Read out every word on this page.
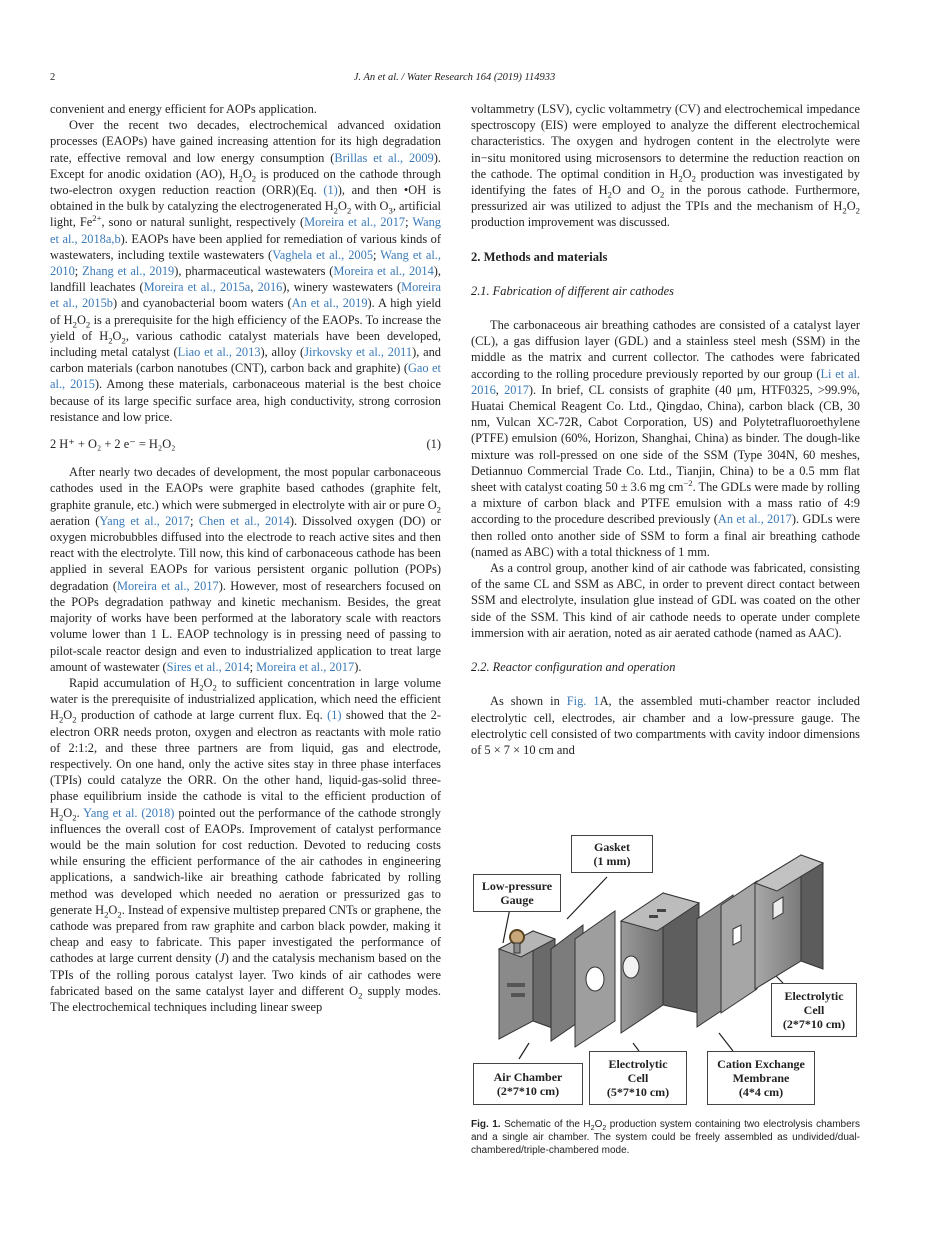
2	J. An et al. / Water Research 164 (2019) 114933

convenient and energy efficient for AOPs application.

Over the recent two decades, electrochemical advanced oxidation processes (EAOPs) have gained increasing attention for its high degradation rate, effective removal and low energy consumption (Brillas et al., 2009). Except for anodic oxidation (AO), $H_2O_2$ is produced on the cathode through two-electron oxygen reduction reaction (ORR)(Eq. (1)), and then •OH is obtained in the bulk by catalyzing the electrogenerated $H_2O_2$ with $O_3$, artificial light, $Fe^{2+}$, sono or natural sunlight, respectively (Moreira et al., 2017; Wang et al., 2018a,b). EAOPs have been applied for remediation of various kinds of wastewaters, including textile wastewaters (Vaghela et al., 2005; Wang et al., 2010; Zhang et al., 2019), pharmaceutical wastewaters (Moreira et al., 2014), landfill leachates (Moreira et al., 2015a, 2016), winery wastewaters (Moreira et al., 2015b) and cyanobacterial boom waters (An et al., 2019). A high yield of $H_2O_2$ is a prerequisite for the high efficiency of the EAOPs. To increase the yield of $H_2O_2$, various cathodic catalyst materials have been developed, including metal catalyst (Liao et al., 2013), alloy (Jirkovsky et al., 2011), and carbon materials (carbon nanotubes (CNT), carbon back and graphite) (Gao et al., 2015). Among these materials, carbonaceous material is the best choice because of its large specific surface area, high conductivity, strong corrosion resistance and low price.

2 H⁺ + O₂ + 2 e⁻ = H₂O₂	(1)

After nearly two decades of development, the most popular carbonaceous cathodes used in the EAOPs were graphite based cathodes (graphite felt, graphite granule, etc.) which were submerged in electrolyte with air or pure $O_2$ aeration (Yang et al., 2017; Chen et al., 2014). Dissolved oxygen (DO) or oxygen microbubbles diffused into the electrode to reach active sites and then react with the electrolyte. Till now, this kind of carbonaceous cathode has been applied in several EAOPs for various persistent organic pollution (POPs) degradation (Moreira et al., 2017). However, most of researchers focused on the POPs degradation pathway and kinetic mechanism. Besides, the great majority of works have been performed at the laboratory scale with reactors volume lower than 1 L. EAOP technology is in pressing need of passing to pilot-scale reactor design and even to industrialized application to treat large amount of wastewater (Sires et al., 2014; Moreira et al., 2017).

Rapid accumulation of $H_2O_2$ to sufficient concentration in large volume water is the prerequisite of industrialized application, which need the efficient $H_2O_2$ production of cathode at large current flux. Eq. (1) showed that the 2-electron ORR needs proton, oxygen and electron as reactants with mole ratio of 2:1:2, and these three partners are from liquid, gas and electrode, respectively. On one hand, only the active sites stay in three phase interfaces (TPIs) could catalyze the ORR. On the other hand, liquid-gas-solid three-phase equilibrium inside the cathode is vital to the efficient production of $H_2O_2$. Yang et al. (2018) pointed out the performance of the cathode strongly influences the overall cost of EAOPs. Improvement of catalyst performance would be the main solution for cost reduction. Devoted to reducing costs while ensuring the efficient performance of the air cathodes in engineering applications, a sandwich-like air breathing cathode fabricated by rolling method was developed which needed no aeration or pressurized gas to generate $H_2O_2$. Instead of expensive multistep prepared CNTs or graphene, the cathode was prepared from raw graphite and carbon black powder, making it cheap and easy to fabricate. This paper investigated the performance of cathodes at large current density (J) and the catalysis mechanism based on the TPIs of the rolling porous catalyst layer. Two kinds of air cathodes were fabricated based on the same catalyst layer and different $O_2$ supply modes. The electrochemical techniques including linear sweep

voltammetry (LSV), cyclic voltammetry (CV) and electrochemical impedance spectroscopy (EIS) were employed to analyze the different electrochemical characteristics. The oxygen and hydrogen content in the electrolyte were in−situ monitored using microsensors to determine the reduction reaction on the cathode. The optimal condition in $H_2O_2$ production was investigated by identifying the fates of $H_2O$ and $O_2$ in the porous cathode. Furthermore, pressurized air was utilized to adjust the TPIs and the mechanism of $H_2O_2$ production improvement was discussed.

2. Methods and materials
2.1. Fabrication of different air cathodes

The carbonaceous air breathing cathodes are consisted of a catalyst layer (CL), a gas diffusion layer (GDL) and a stainless steel mesh (SSM) in the middle as the matrix and current collector. The cathodes were fabricated according to the rolling procedure previously reported by our group (Li et al. 2016, 2017). In brief, CL consists of graphite (40 μm, HTF0325, >99.9%, Huatai Chemical Reagent Co. Ltd., Qingdao, China), carbon black (CB, 30 nm, Vulcan XC-72R, Cabot Corporation, US) and Polytetrafluoroethylene (PTFE) emulsion (60%, Horizon, Shanghai, China) as binder. The dough-like mixture was roll-pressed on one side of the SSM (Type 304N, 60 meshes, Detiannuo Commercial Trade Co. Ltd., Tianjin, China) to be a 0.5 mm flat sheet with catalyst coating 50 ± 3.6 mg $cm^{-2}$. The GDLs were made by rolling a mixture of carbon black and PTFE emulsion with a mass ratio of 4:9 according to the procedure described previously (An et al., 2017). GDLs were then rolled onto another side of SSM to form a final air breathing cathode (named as ABC) with a total thickness of 1 mm.

As a control group, another kind of air cathode was fabricated, consisting of the same CL and SSM as ABC, in order to prevent direct contact between SSM and electrolyte, insulation glue instead of GDL was coated on the other side of the SSM. This kind of air cathode needs to operate under complete immersion with air aeration, noted as air aerated cathode (named as AAC).

2.2. Reactor configuration and operation

As shown in Fig. 1A, the assembled muti-chamber reactor included electrolytic cell, electrodes, air chamber and a low-pressure gauge. The electrolytic cell consisted of two compartments with cavity indoor dimensions of 5 × 7 × 10 cm and

Gasket
(1 mm)
Low-pressure
Gauge
Electrolytic
Cell
(2*7*10 cm)
Air Chamber
(2*7*10 cm)
Electrolytic
Cell
(5*7*10 cm)
Cation Exchange
Membrane
(4*4 cm)
Fig. 1. Schematic of the $H_2O_2$ production system containing two electrolysis chambers and a single air chamber. The system could be freely assembled as undivided/dual-chambered/triple-chambered mode.
